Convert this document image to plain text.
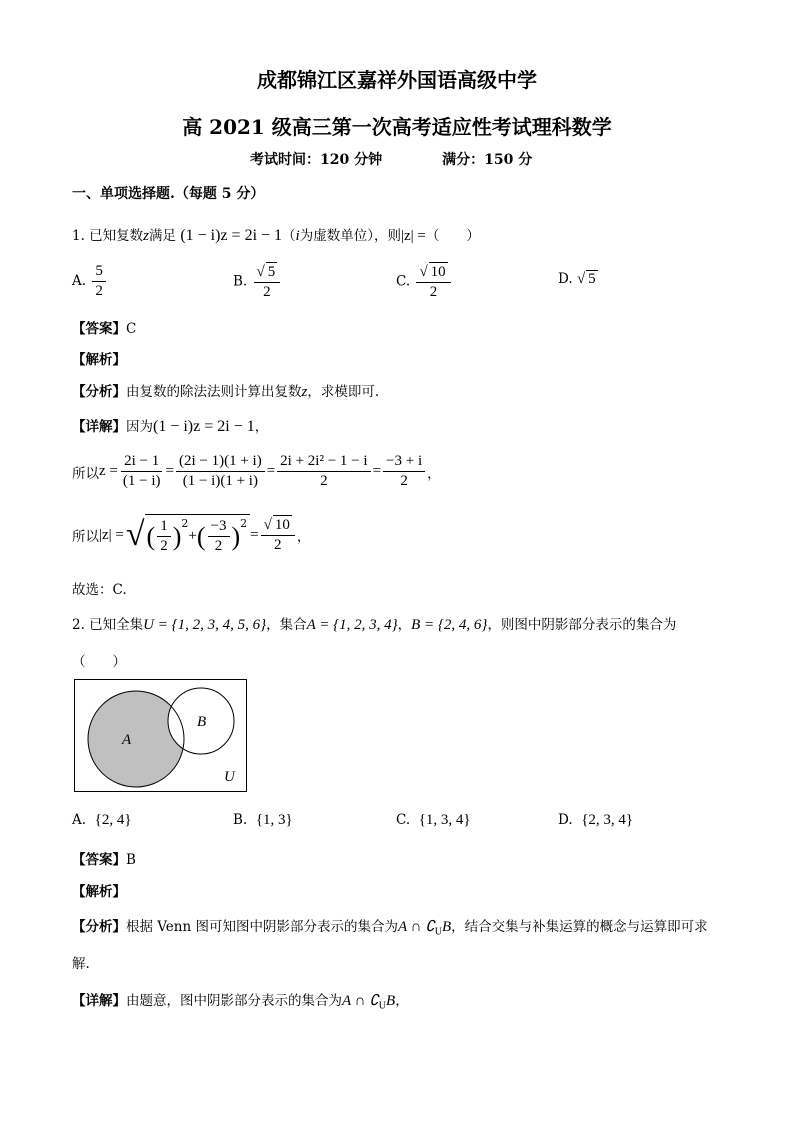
成都锦江区嘉祥外国语高级中学
高 2021 级高三第一次高考适应性考试理科数学
考试时间：120 分钟	满分：150 分
一、单项选择题.（每题 5 分）
1. 已知复数z满足 (1 − i)z = 2i − 1（i为虚数单位），则|z| =（　　）
A. $\frac{5}{2}$	B. $\frac{√ 5}{2}$	C. $\frac{√ 10}{2}$	D. √ 5
【答案】C
【解析】
【分析】由复数的除法法则计算出复数z，求模即可.
【详解】因为(1 − i)z = 2i − 1，
所以 $z = \frac{2i - 1}{(1 - i)} = \frac{(2i - 1)(1 + i)}{(1 - i)(1 + i)} = \frac{\text{2i + 2i² − 1 − i}}{2} = \frac{-3 + i}{2}$ ，
所以 |z| = √ ( $\frac{1}{2} )^2$
+ ( $\frac{-3}{2} )^2$
= $\frac{√ 10}{2}$ ，
故选：C.
2. 已知全集U = {1, 2, 3, 4, 5, 6}，集合A = {1, 2, 3, 4}，B = {2, 4, 6}，则图中阴影部分表示的集合为
（　　）
A
B
U
A. {2, 4}	B. {1, 3}	C. {1, 3, 4}	D. {2, 3, 4}
【答案】B
【解析】
【分析】根据 Venn 图可知图中阴影部分表示的集合为A ∩ $∁_UB$，结合交集与补集运算的概念与运算即可求
解.
【详解】由题意，图中阴影部分表示的集合为A ∩ $∁_UB$，
